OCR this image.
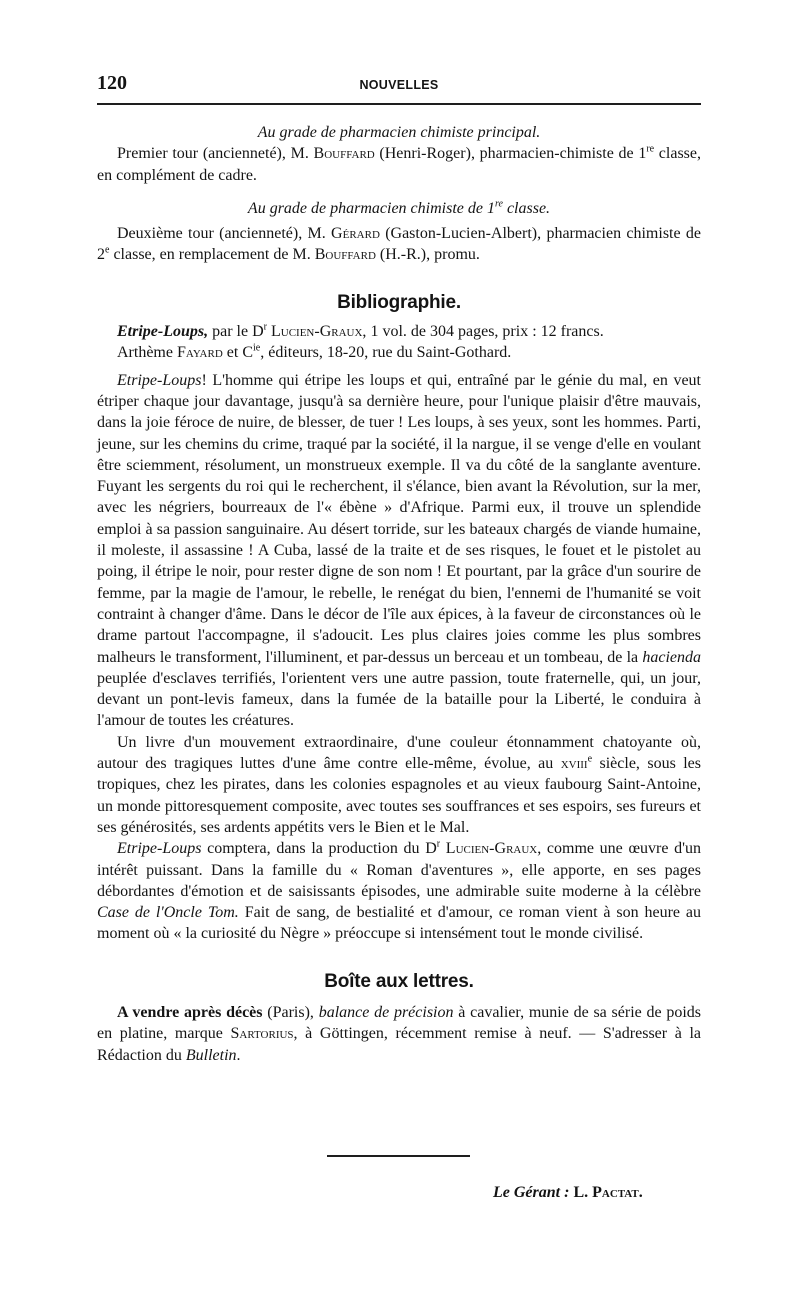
120	NOUVELLES
Au grade de pharmacien chimiste principal.

Premier tour (ancienneté), M. Bouffard (Henri-Roger), pharmacien-chimiste de 1re classe, en complément de cadre.

Au grade de pharmacien chimiste de 1re classe.

Deuxième tour (ancienneté), M. Gérard (Gaston-Lucien-Albert), pharmacien chimiste de 2e classe, en remplacement de M. Bouffard (H.-R.), promu.

Bibliographie.

Etripe-Loups, par le $D^r$ Lucien-Graux, 1 vol. de 304 pages, prix : 12 francs.

Arthème Fayard et $C^{ie}$, éditeurs, 18-20, rue du Saint-Gothard.

Etripe-Loups! L'homme qui étripe les loups et qui, entraîné par le génie du mal, en veut étriper chaque jour davantage, jusqu'à sa dernière heure, pour l'unique plaisir d'être mauvais, dans la joie féroce de nuire, de blesser, de tuer ! Les loups, à ses yeux, sont les hommes. Parti, jeune, sur les chemins du crime, traqué par la société, il la nargue, il se venge d'elle en voulant être sciemment, résolument, un monstrueux exemple. Il va du côté de la sanglante aventure. Fuyant les sergents du roi qui le recherchent, il s'élance, bien avant la Révolution, sur la mer, avec les négriers, bourreaux de l'« ébène » d'Afrique. Parmi eux, il trouve un splendide emploi à sa passion sanguinaire. Au désert torride, sur les bateaux chargés de viande humaine, il moleste, il assassine ! A Cuba, lassé de la traite et de ses risques, le fouet et le pistolet au poing, il étripe le noir, pour rester digne de son nom ! Et pourtant, par la grâce d'un sourire de femme, par la magie de l'amour, le rebelle, le renégat du bien, l'ennemi de l'humanité se voit contraint à changer d'âme. Dans le décor de l'île aux épices, à la faveur de circonstances où le drame partout l'accompagne, il s'adoucit. Les plus claires joies comme les plus sombres malheurs le transforment, l'illuminent, et par-dessus un berceau et un tombeau, de la hacienda peuplée d'esclaves terrifiés, l'orientent vers une autre passion, toute fraternelle, qui, un jour, devant un pont-levis fameux, dans la fumée de la bataille pour la Liberté, le conduira à l'amour de toutes les créatures.

Un livre d'un mouvement extraordinaire, d'une couleur étonnamment chatoyante où, autour des tragiques luttes d'une âme contre elle-même, évolue, au xviii$^e$ siècle, sous les tropiques, chez les pirates, dans les colonies espagnoles et au vieux faubourg Saint-Antoine, un monde pittoresquement composite, avec toutes ses souffrances et ses espoirs, ses fureurs et ses générosités, ses ardents appétits vers le Bien et le Mal.

Etripe-Loups comptera, dans la production du $D^r$ Lucien-Graux, comme une œuvre d'un intérêt puissant. Dans la famille du « Roman d'aventures », elle apporte, en ses pages débordantes d'émotion et de saisissants épisodes, une admirable suite moderne à la célèbre Case de l'Oncle Tom. Fait de sang, de bestialité et d'amour, ce roman vient à son heure au moment où « la curiosité du Nègre » préoccupe si intensément tout le monde civilisé.

Boîte aux lettres.

A vendre après décès (Paris), balance de précision à cavalier, munie de sa série de poids en platine, marque Sartorius, à Göttingen, récemment remise à neuf. — S'adresser à la Rédaction du Bulletin.

Le Gérant : L. Pactat.
